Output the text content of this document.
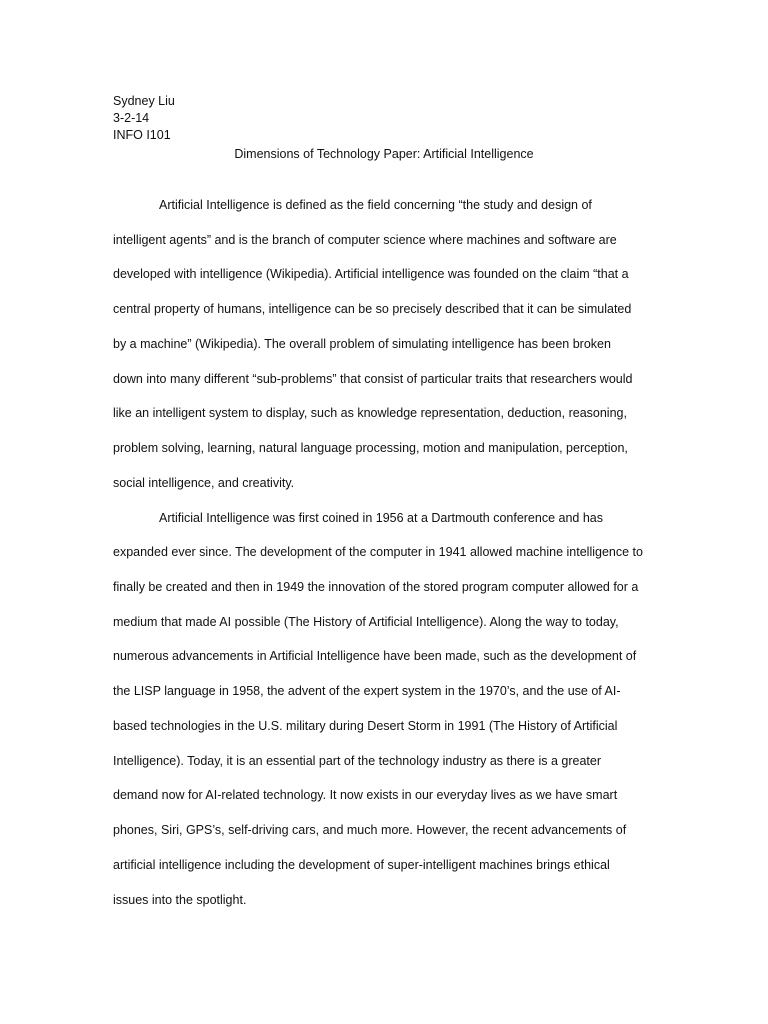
Sydney Liu
3-2-14
INFO I101
Dimensions of Technology Paper: Artificial Intelligence
Artificial Intelligence is defined as the field concerning “the study and design of
intelligent agents” and is the branch of computer science where machines and software are
developed with intelligence (Wikipedia). Artificial intelligence was founded on the claim “that a
central property of humans, intelligence can be so precisely described that it can be simulated
by a machine” (Wikipedia). The overall problem of simulating intelligence has been broken
down into many different “sub-problems” that consist of particular traits that researchers would
like an intelligent system to display, such as knowledge representation, deduction, reasoning,
problem solving, learning, natural language processing, motion and manipulation, perception,
social intelligence, and creativity.
Artificial Intelligence was first coined in 1956 at a Dartmouth conference and has
expanded ever since. The development of the computer in 1941 allowed machine intelligence to
finally be created and then in 1949 the innovation of the stored program computer allowed for a
medium that made AI possible (The History of Artificial Intelligence). Along the way to today,
numerous advancements in Artificial Intelligence have been made, such as the development of
the LISP language in 1958, the advent of the expert system in the 1970’s, and the use of AI-
based technologies in the U.S. military during Desert Storm in 1991 (The History of Artificial
Intelligence). Today, it is an essential part of the technology industry as there is a greater
demand now for AI-related technology. It now exists in our everyday lives as we have smart
phones, Siri, GPS’s, self-driving cars, and much more. However, the recent advancements of
artificial intelligence including the development of super-intelligent machines brings ethical
issues into the spotlight.
